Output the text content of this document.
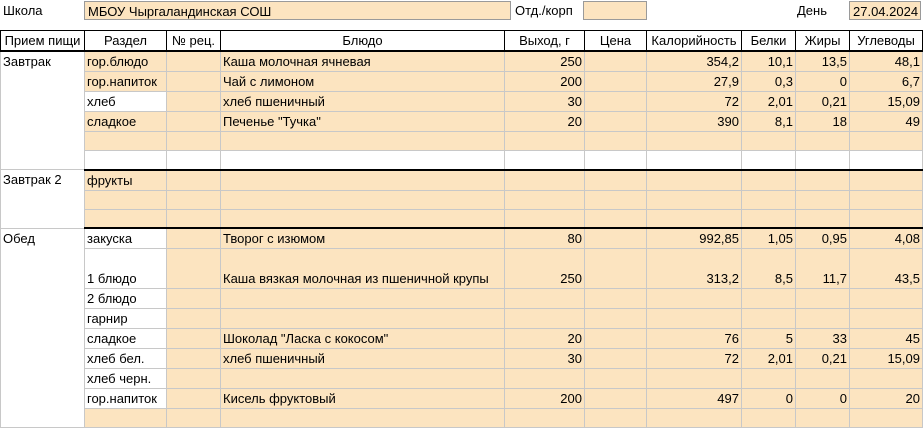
Школа	МБОУ Чыргаландинская СОШ	Отд./корп	День	27.04.2024
Прием пищи	Раздел	№ рец.	Блюдо	Выход, г	Цена	Калорийность	Белки	Жиры	Углеводы
Завтрак	гор.блюдо		Каша молочная ячневая	250		354,2	10,1	13,5	48,1
	гор.напиток		Чай с лимоном	200		27,9	0,3	0	6,7
	хлеб		хлеб пшеничный	30		72	2,01	0,21	15,09
	сладкое		Печенье "Тучка"	20		390	8,1	18	49

Завтрак 2	фрукты								

Обед	закуска		Творог с изюмом	80		992,85	1,05	0,95	4,08
	1 блюдо		Каша вязкая молочная из пшеничной крупы	250		313,2	8,5	11,7	43,5
	2 блюдо								
	гарнир								
	сладкое		Шоколад "Ласка с кокосом"	20		76	5	33	45
	хлеб бел.		хлеб пшеничный	30		72	2,01	0,21	15,09
	хлеб черн.								
	гор.напиток		Кисель фруктовый	200		497	0	0	20
